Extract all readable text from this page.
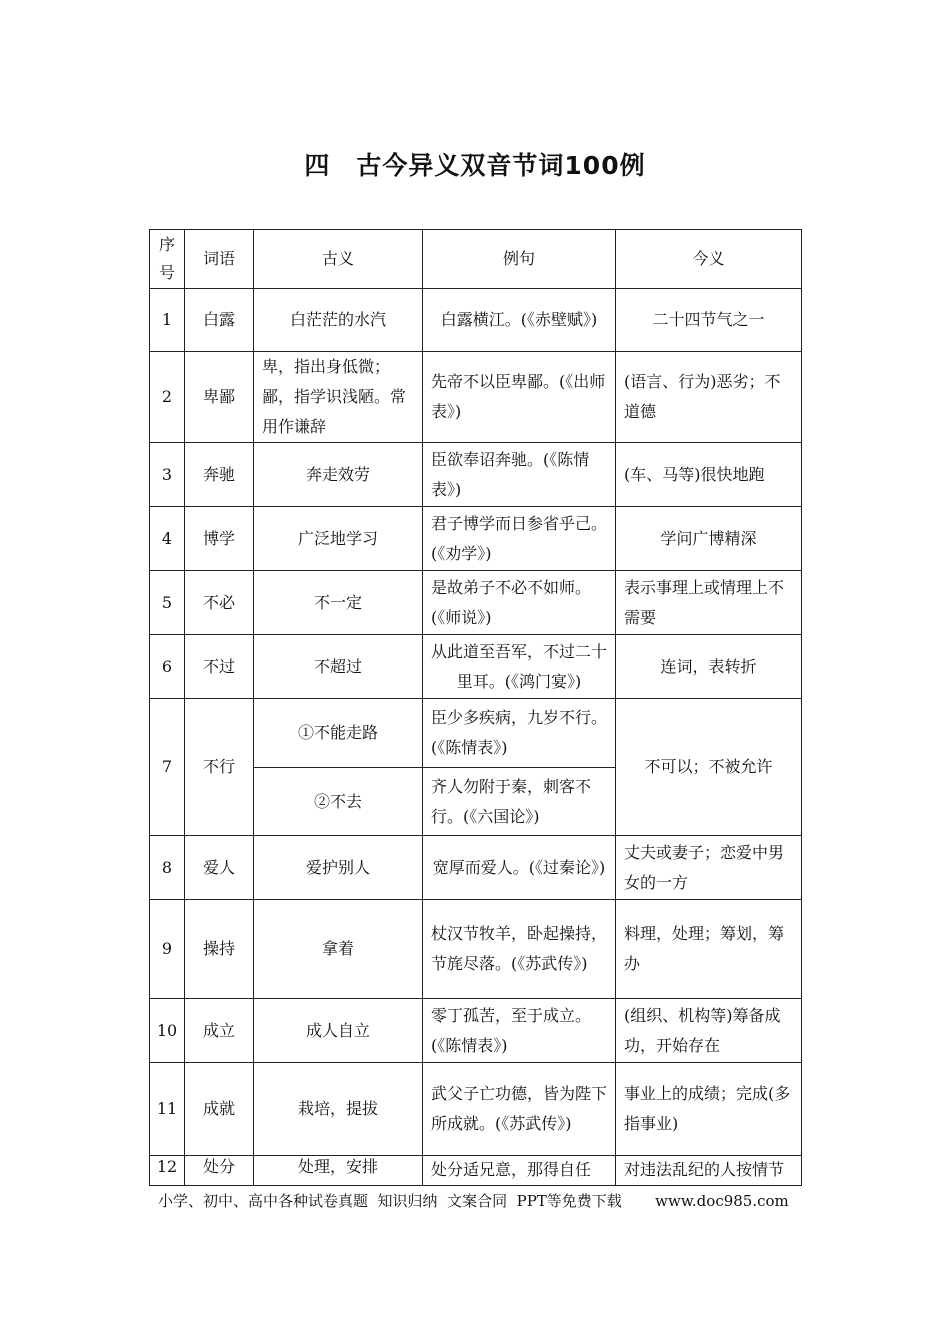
四　古今异义双音节词100例
序号	词语	古义	例句	今义
1	白露	白茫茫的水汽	白露横江。(《赤壁赋》)	二十四节气之一
2	卑鄙	卑，指出身低微；鄙，指学识浅陋。常用作谦辞	先帝不以臣卑鄙。(《出师表》)	(语言、行为)恶劣；不道德
3	奔驰	奔走效劳	臣欲奉诏奔驰。(《陈情表》)	(车、马等)很快地跑
4	博学	广泛地学习	君子博学而日参省乎己。(《劝学》)	学问广博精深
5	不必	不一定	是故弟子不必不如师。(《师说》)	表示事理上或情理上不需要
6	不过	不超过	从此道至吾军，不过二十里耳。(《鸿门宴》)	连词，表转折
7	不行	①不能走路	臣少多疾病，九岁不行。(《陈情表》)	不可以；不被允许
		②不去	齐人勿附于秦，刺客不行。(《六国论》)	
8	爱人	爱护别人	宽厚而爱人。(《过秦论》)	丈夫或妻子；恋爱中男女的一方
9	操持	拿着	杖汉节牧羊，卧起操持，节旄尽落。(《苏武传》)	料理，处理；筹划，筹办
10	成立	成人自立	零丁孤苦，至于成立。(《陈情表》)	(组织、机构等)筹备成功，开始存在
11	成就	栽培，提拔	武父子亡功德，皆为陛下所成就。(《苏武传》)	事业上的成绩；完成(多指事业)

12	处分	处理，安排	处分适兄意，那得自任	对违法乱纪的人按情节
小学、初中、高中各种试卷真题  知识归纳  文案合同  PPT等免费下载       www.doc985.com
